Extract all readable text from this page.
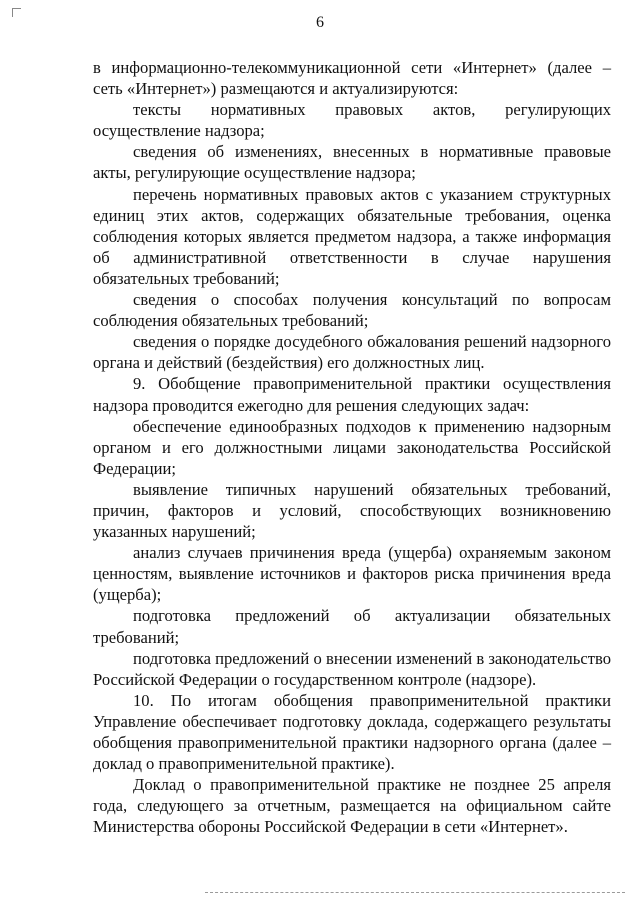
6

в информационно-телекоммуникационной сети «Интернет» (далее – сеть «Интернет») размещаются и актуализируются:

тексты нормативных правовых актов, регулирующих осуществление надзора;

сведения об изменениях, внесенных в нормативные правовые акты, регулирующие осуществление надзора;

перечень нормативных правовых актов с указанием структурных единиц этих актов, содержащих обязательные требования, оценка соблюдения которых является предметом надзора, а также информация об административной ответственности в случае нарушения обязательных требований;

сведения о способах получения консультаций по вопросам соблюдения обязательных требований;

сведения о порядке досудебного обжалования решений надзорного органа и действий (бездействия) его должностных лиц.

9. Обобщение правоприменительной практики осуществления надзора проводится ежегодно для решения следующих задач:

обеспечение единообразных подходов к применению надзорным органом и его должностными лицами законодательства Российской Федерации;

выявление типичных нарушений обязательных требований, причин, факторов и условий, способствующих возникновению указанных нарушений;

анализ случаев причинения вреда (ущерба) охраняемым законом ценностям, выявление источников и факторов риска причинения вреда (ущерба);

подготовка предложений об актуализации обязательных требований;

подготовка предложений о внесении изменений в законодательство Российской Федерации о государственном контроле (надзоре).

10. По итогам обобщения правоприменительной практики Управление обеспечивает подготовку доклада, содержащего результаты обобщения правоприменительной практики надзорного органа (далее – доклад о правоприменительной практике).

Доклад о правоприменительной практике не позднее 25 апреля года, следующего за отчетным, размещается на официальном сайте Министерства обороны Российской Федерации в сети «Интернет».
